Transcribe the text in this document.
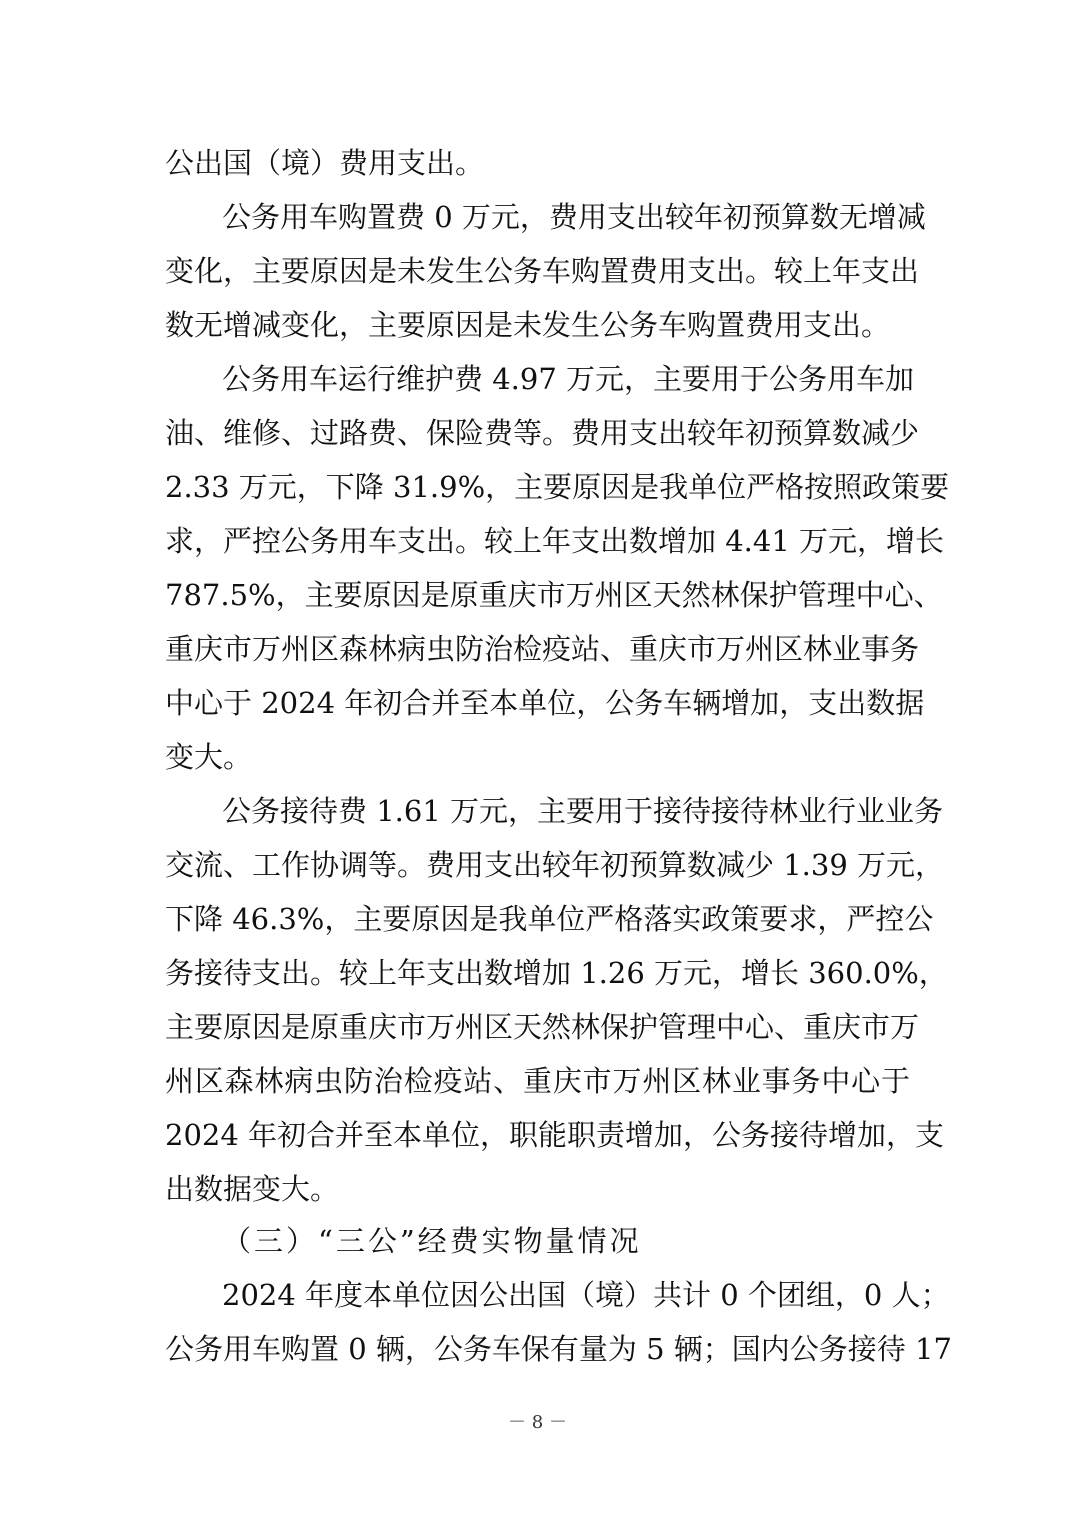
公出国（境）费用支出。
公务用车购置费 0 万元，费用支出较年初预算数无增减
变化，主要原因是未发生公务车购置费用支出。较上年支出
数无增减变化，主要原因是未发生公务车购置费用支出。
公务用车运行维护费 4.97 万元，主要用于公务用车加
油、维修、过路费、保险费等。费用支出较年初预算数减少
2.33 万元，下降 31.9%，主要原因是我单位严格按照政策要
求，严控公务用车支出。较上年支出数增加 4.41 万元，增长
787.5%，主要原因是原重庆市万州区天然林保护管理中心、
重庆市万州区森林病虫防治检疫站、重庆市万州区林业事务
中心于 2024 年初合并至本单位，公务车辆增加，支出数据
变大。
公务接待费 1.61 万元，主要用于接待接待林业行业业务
交流、工作协调等。费用支出较年初预算数减少 1.39 万元，
下降 46.3%，主要原因是我单位严格落实政策要求，严控公
务接待支出。较上年支出数增加 1.26 万元，增长 360.0%，
主要原因是原重庆市万州区天然林保护管理中心、重庆市万
州区森林病虫防治检疫站、重庆市万州区林业事务中心于
2024 年初合并至本单位，职能职责增加，公务接待增加，支
出数据变大。
（三）“三公”经费实物量情况
2024 年度本单位因公出国（境）共计 0 个团组，0 人；
公务用车购置 0 辆，公务车保有量为 5 辆；国内公务接待 17
－ 8 －
